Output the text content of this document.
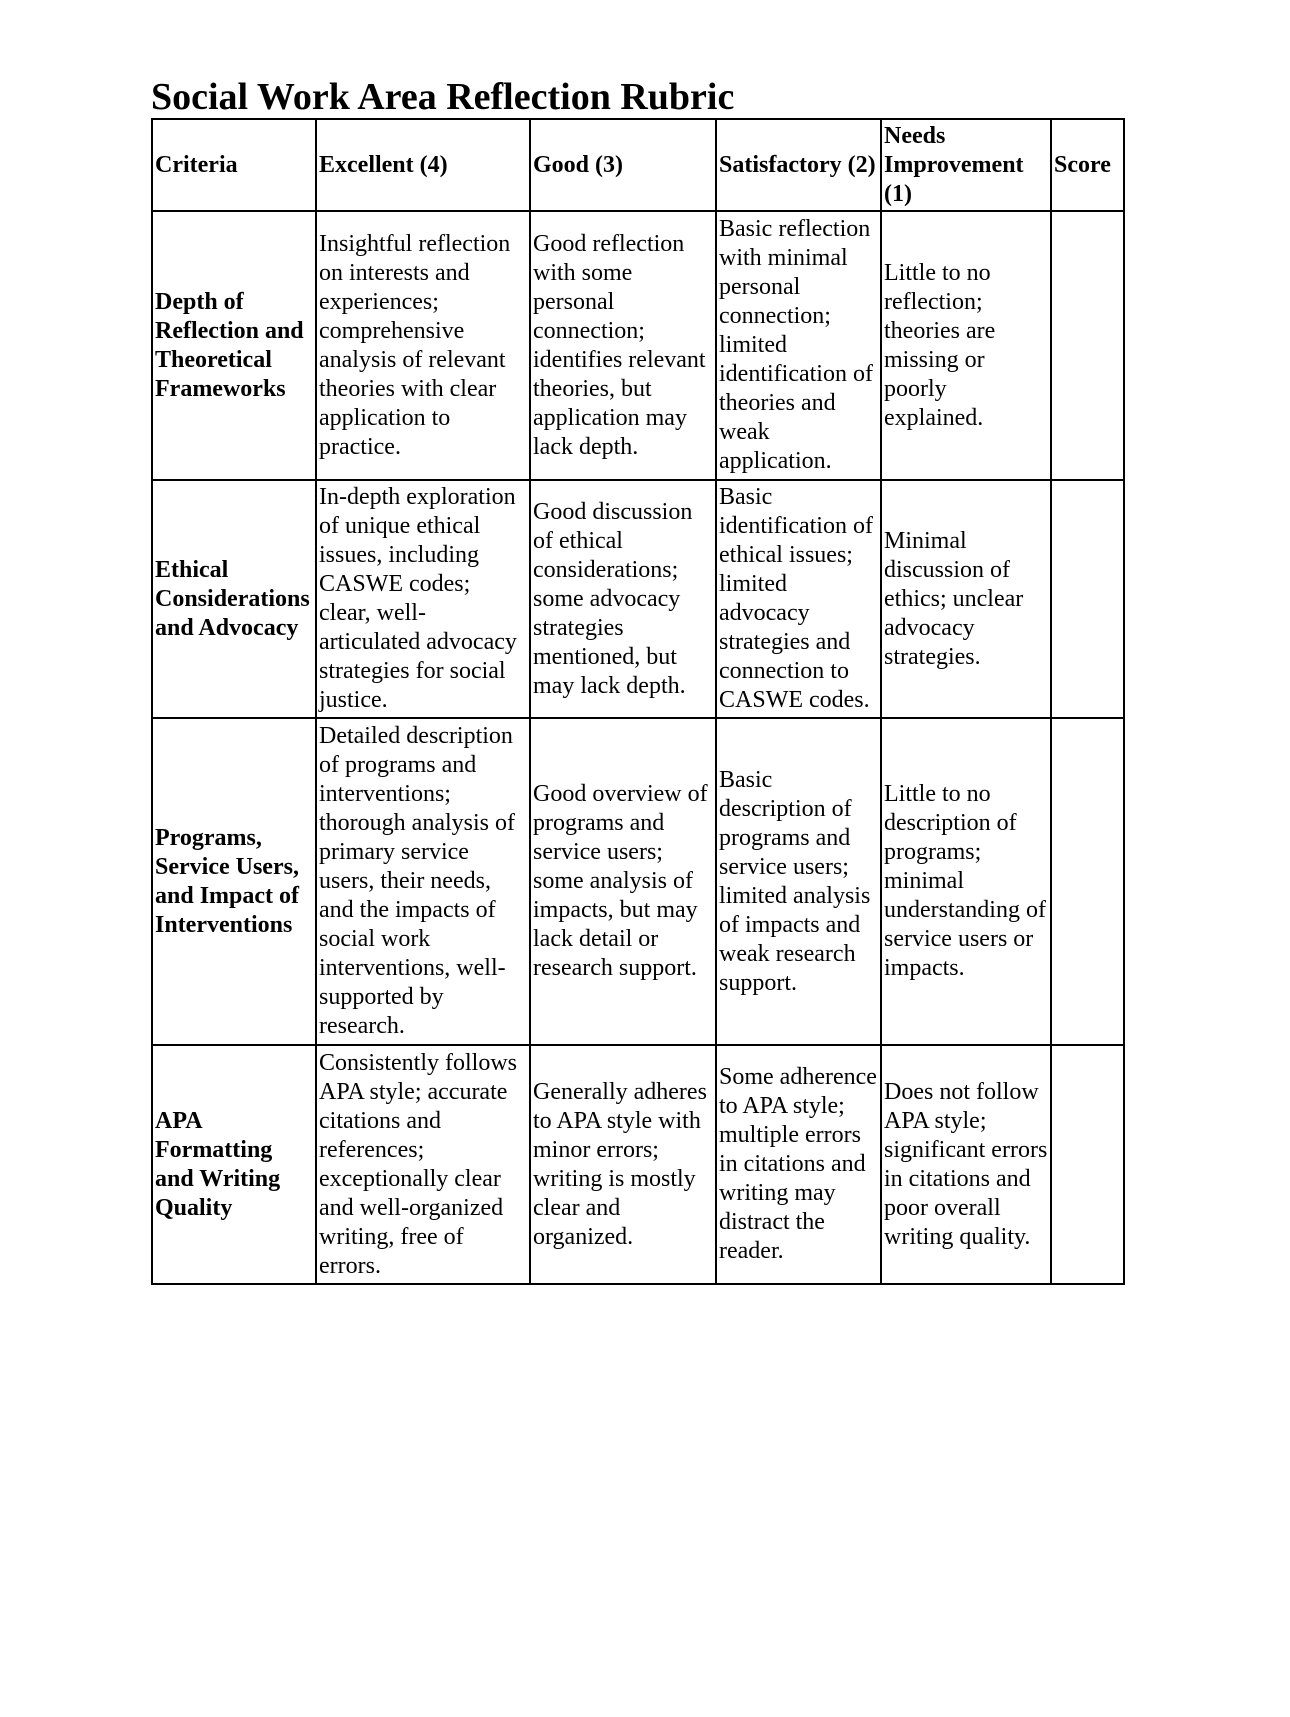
Social Work Area Reflection Rubric
Criteria	Excellent (4)	Good (3)	Satisfactory (2)	Needs Improvement (1)	Score
Depth of Reflection and Theoretical Frameworks	Insightful reflection on interests and experiences; comprehensive analysis of relevant theories with clear application to practice.	Good reflection with some personal connection; identifies relevant theories, but application may lack depth.	Basic reflection with minimal personal connection; limited identification of theories and weak application.	Little to no reflection; theories are missing or poorly explained.	
Ethical Considerations and Advocacy	In-depth exploration of unique ethical issues, including CASWE codes; clear, well-articulated advocacy strategies for social justice.	Good discussion of ethical considerations; some advocacy strategies mentioned, but may lack depth.	Basic identification of ethical issues; limited advocacy strategies and connection to CASWE codes.	Minimal discussion of ethics; unclear advocacy strategies.	
Programs, Service Users, and Impact of Interventions	Detailed description of programs and interventions; thorough analysis of primary service users, their needs, and the impacts of social work interventions, well-supported by research.	Good overview of programs and service users; some analysis of impacts, but may lack detail or research support.	Basic description of programs and service users; limited analysis of impacts and weak research support.	Little to no description of programs; minimal understanding of service users or impacts.	
APA Formatting and Writing Quality	Consistently follows APA style; accurate citations and references; exceptionally clear and well-organized writing, free of errors.	Generally adheres to APA style with minor errors; writing is mostly clear and organized.	Some adherence to APA style; multiple errors in citations and writing may distract the reader.	Does not follow APA style; significant errors in citations and poor overall writing quality.	
